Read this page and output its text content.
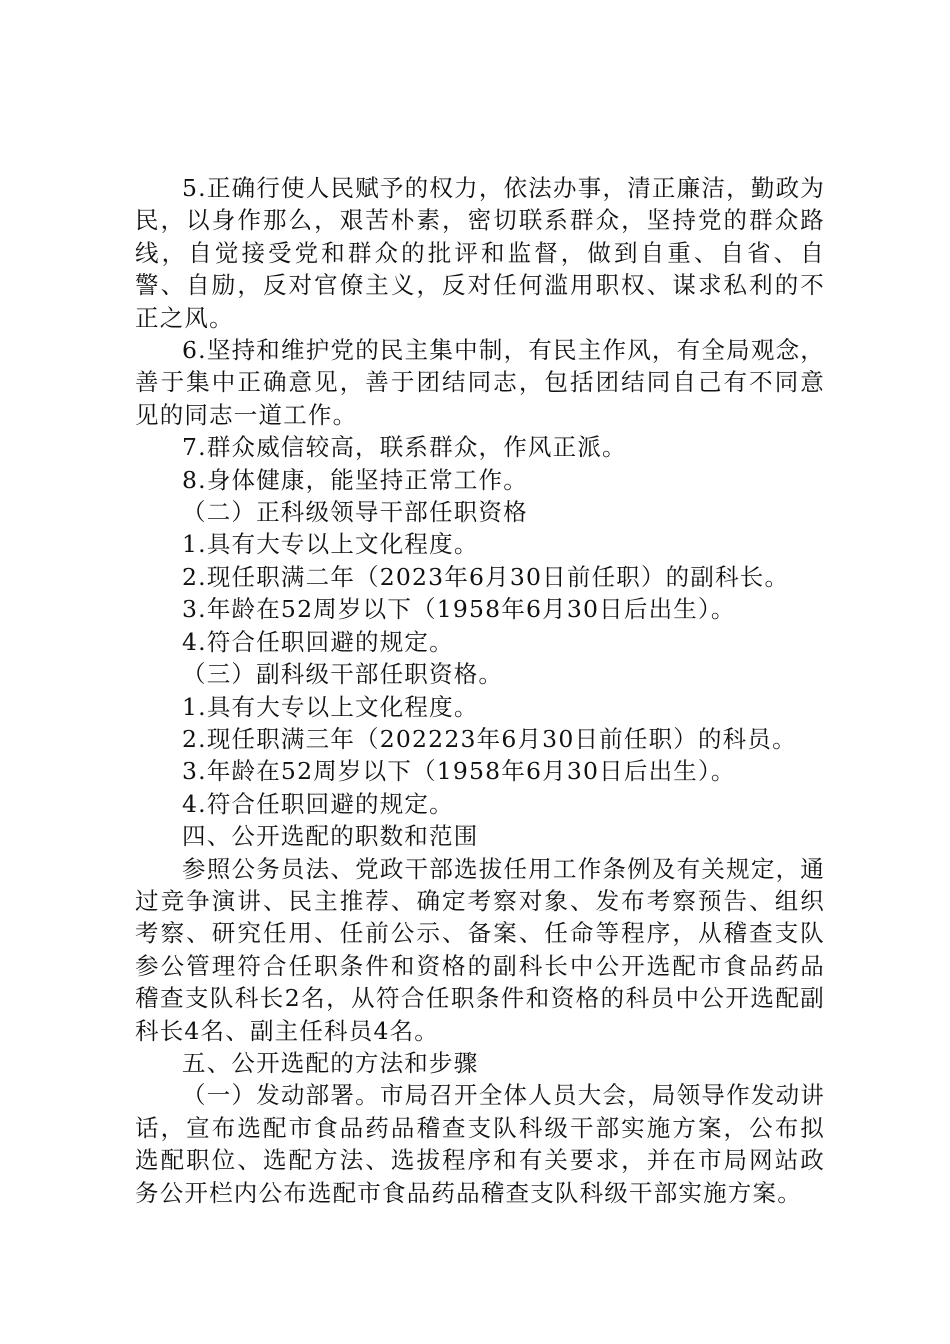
5.正确行使人民赋予的权力，依法办事，清正廉洁，勤政为民，以身作那么，艰苦朴素，密切联系群众，坚持党的群众路线，自觉接受党和群众的批评和监督，做到自重、自省、自警、自励，反对官僚主义，反对任何滥用职权、谋求私利的不正之风。

6.坚持和维护党的民主集中制，有民主作风，有全局观念，善于集中正确意见，善于团结同志，包括团结同自己有不同意见的同志一道工作。

7.群众威信较高，联系群众，作风正派。

8.身体健康，能坚持正常工作。

（二）正科级领导干部任职资格

1.具有大专以上文化程度。

2.现任职满二年（2023年6月30日前任职）的副科长。

3.年龄在52周岁以下（1958年6月30日后出生）。

4.符合任职回避的规定。

（三）副科级干部任职资格。

1.具有大专以上文化程度。

2.现任职满三年（202223年6月30日前任职）的科员。

3.年龄在52周岁以下（1958年6月30日后出生）。

4.符合任职回避的规定。

四、公开选配的职数和范围

参照公务员法、党政干部选拔任用工作条例及有关规定，通过竞争演讲、民主推荐、确定考察对象、发布考察预告、组织考察、研究任用、任前公示、备案、任命等程序，从稽查支队参公管理符合任职条件和资格的副科长中公开选配市食品药品稽查支队科长2名，从符合任职条件和资格的科员中公开选配副科长4名、副主任科员4名。

五、公开选配的方法和步骤

（一）发动部署。市局召开全体人员大会，局领导作发动讲话，宣布选配市食品药品稽查支队科级干部实施方案，公布拟选配职位、选配方法、选拔程序和有关要求，并在市局网站政务公开栏内公布选配市食品药品稽查支队科级干部实施方案。
